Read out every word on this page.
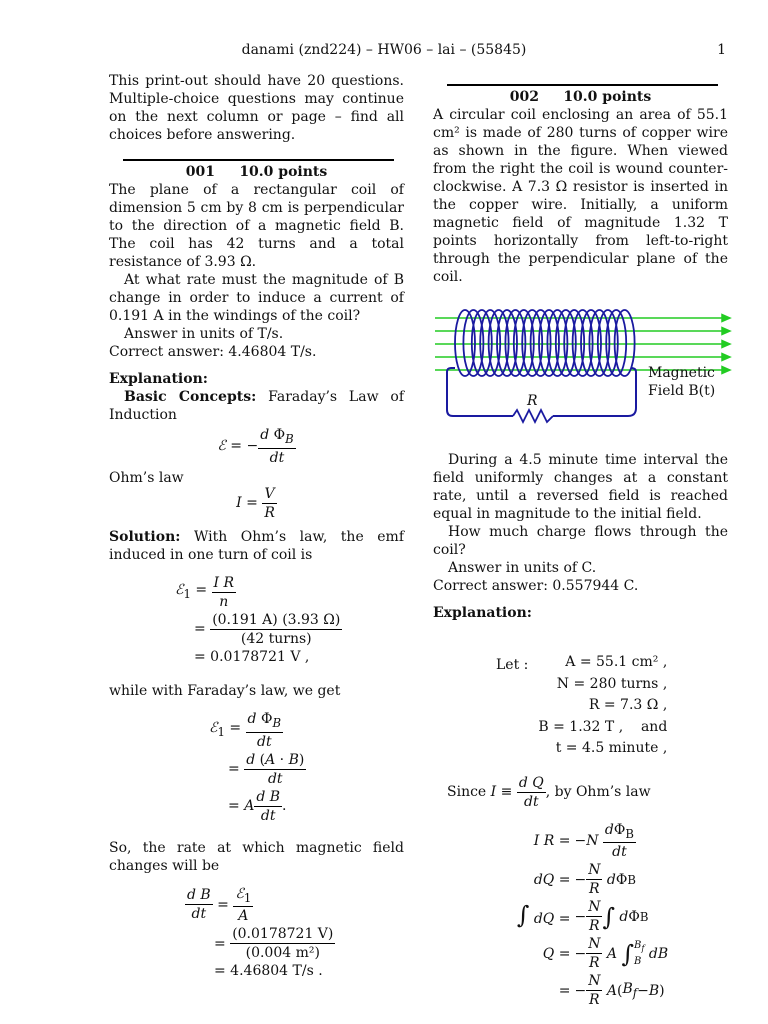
danami (znd224) – HW06 – lai – (55845)	1

This print-out should have 20 questions. Multiple-choice questions may continue on the next column or page – find all choices before answering.

001     10.0 points

The plane of a rectangular coil of dimension 5 cm by 8 cm is perpendicular to the direction of a magnetic field B. The coil has 42 turns and a total resistance of 3.93 Ω.

At what rate must the magnitude of B change in order to induce a current of 0.191 A in the windings of the coil?

Answer in units of T/s.

Correct answer: 4.46804 T/s.

Explanation:

Basic Concepts: Faraday’s Law of Induction

ℰ = − $\frac{d \Phi_B}{dt}$

Ohm’s law

$I = \frac{V}{R}$

Solution: With Ohm’s law, the emf induced in one turn of coil is

ℰ$_1$ = $\frac{\text{I R}}{n}$
= $\frac{(0.191 A) (3.93 \Omega)}{\text{(42 turns)}}$
= 0.0178721 V ,

while with Faraday’s law, we get

ℰ$_1$ = $\frac{d \Phi_B}{dt}$
= $\frac{d (A \cdot B)}{dt}$
= A $\frac{\text{d B}}{dt}$ .

So, the rate at which magnetic field changes will be

$\frac{\text{d B}}{dt} = \frac{ℰ_1}{A}$
= $\frac{(0.0178721 V)}{\text{(0.004 m²)}}$
= 4.46804 T/s .
002     10.0 points

A circular coil enclosing an area of 55.1 cm² is made of 280 turns of copper wire as shown in the figure. When viewed from the right the coil is wound counter-clockwise. A 7.3 Ω resistor is inserted in the copper wire. Initially, a uniform magnetic field of magnitude 1.32 T points horizontally from left-to-right through the perpendicular plane of the coil.

R
Magnetic
Field B(t)

During a 4.5 minute time interval the field uniformly changes at a constant rate, until a reversed field is reached equal in magnitude to the initial field.

How much charge flows through the coil?

Answer in units of C.

Correct answer: 0.557944 C.

Explanation:

Let :	A = 55.1 cm² ,
N = 280 turns ,
R = 7.3 Ω ,
B = 1.32 T ,    and
t = 4.5 minute ,
Since $I \equiv \frac{\text{d Q}}{dt}$ , by Ohm’s law
I R = − N
$\frac{d\Phi_B}{dt}$
dQ = − $\frac{N}{R}$
d Φ B
∫ dQ = − $\frac{N}{R}$ ∫
d Φ B
Q = − $\frac{N}{R}$
A
∫ $B_f$
B
dB
= − $\frac{N}{R}$
A ( $B_f - B$ )
